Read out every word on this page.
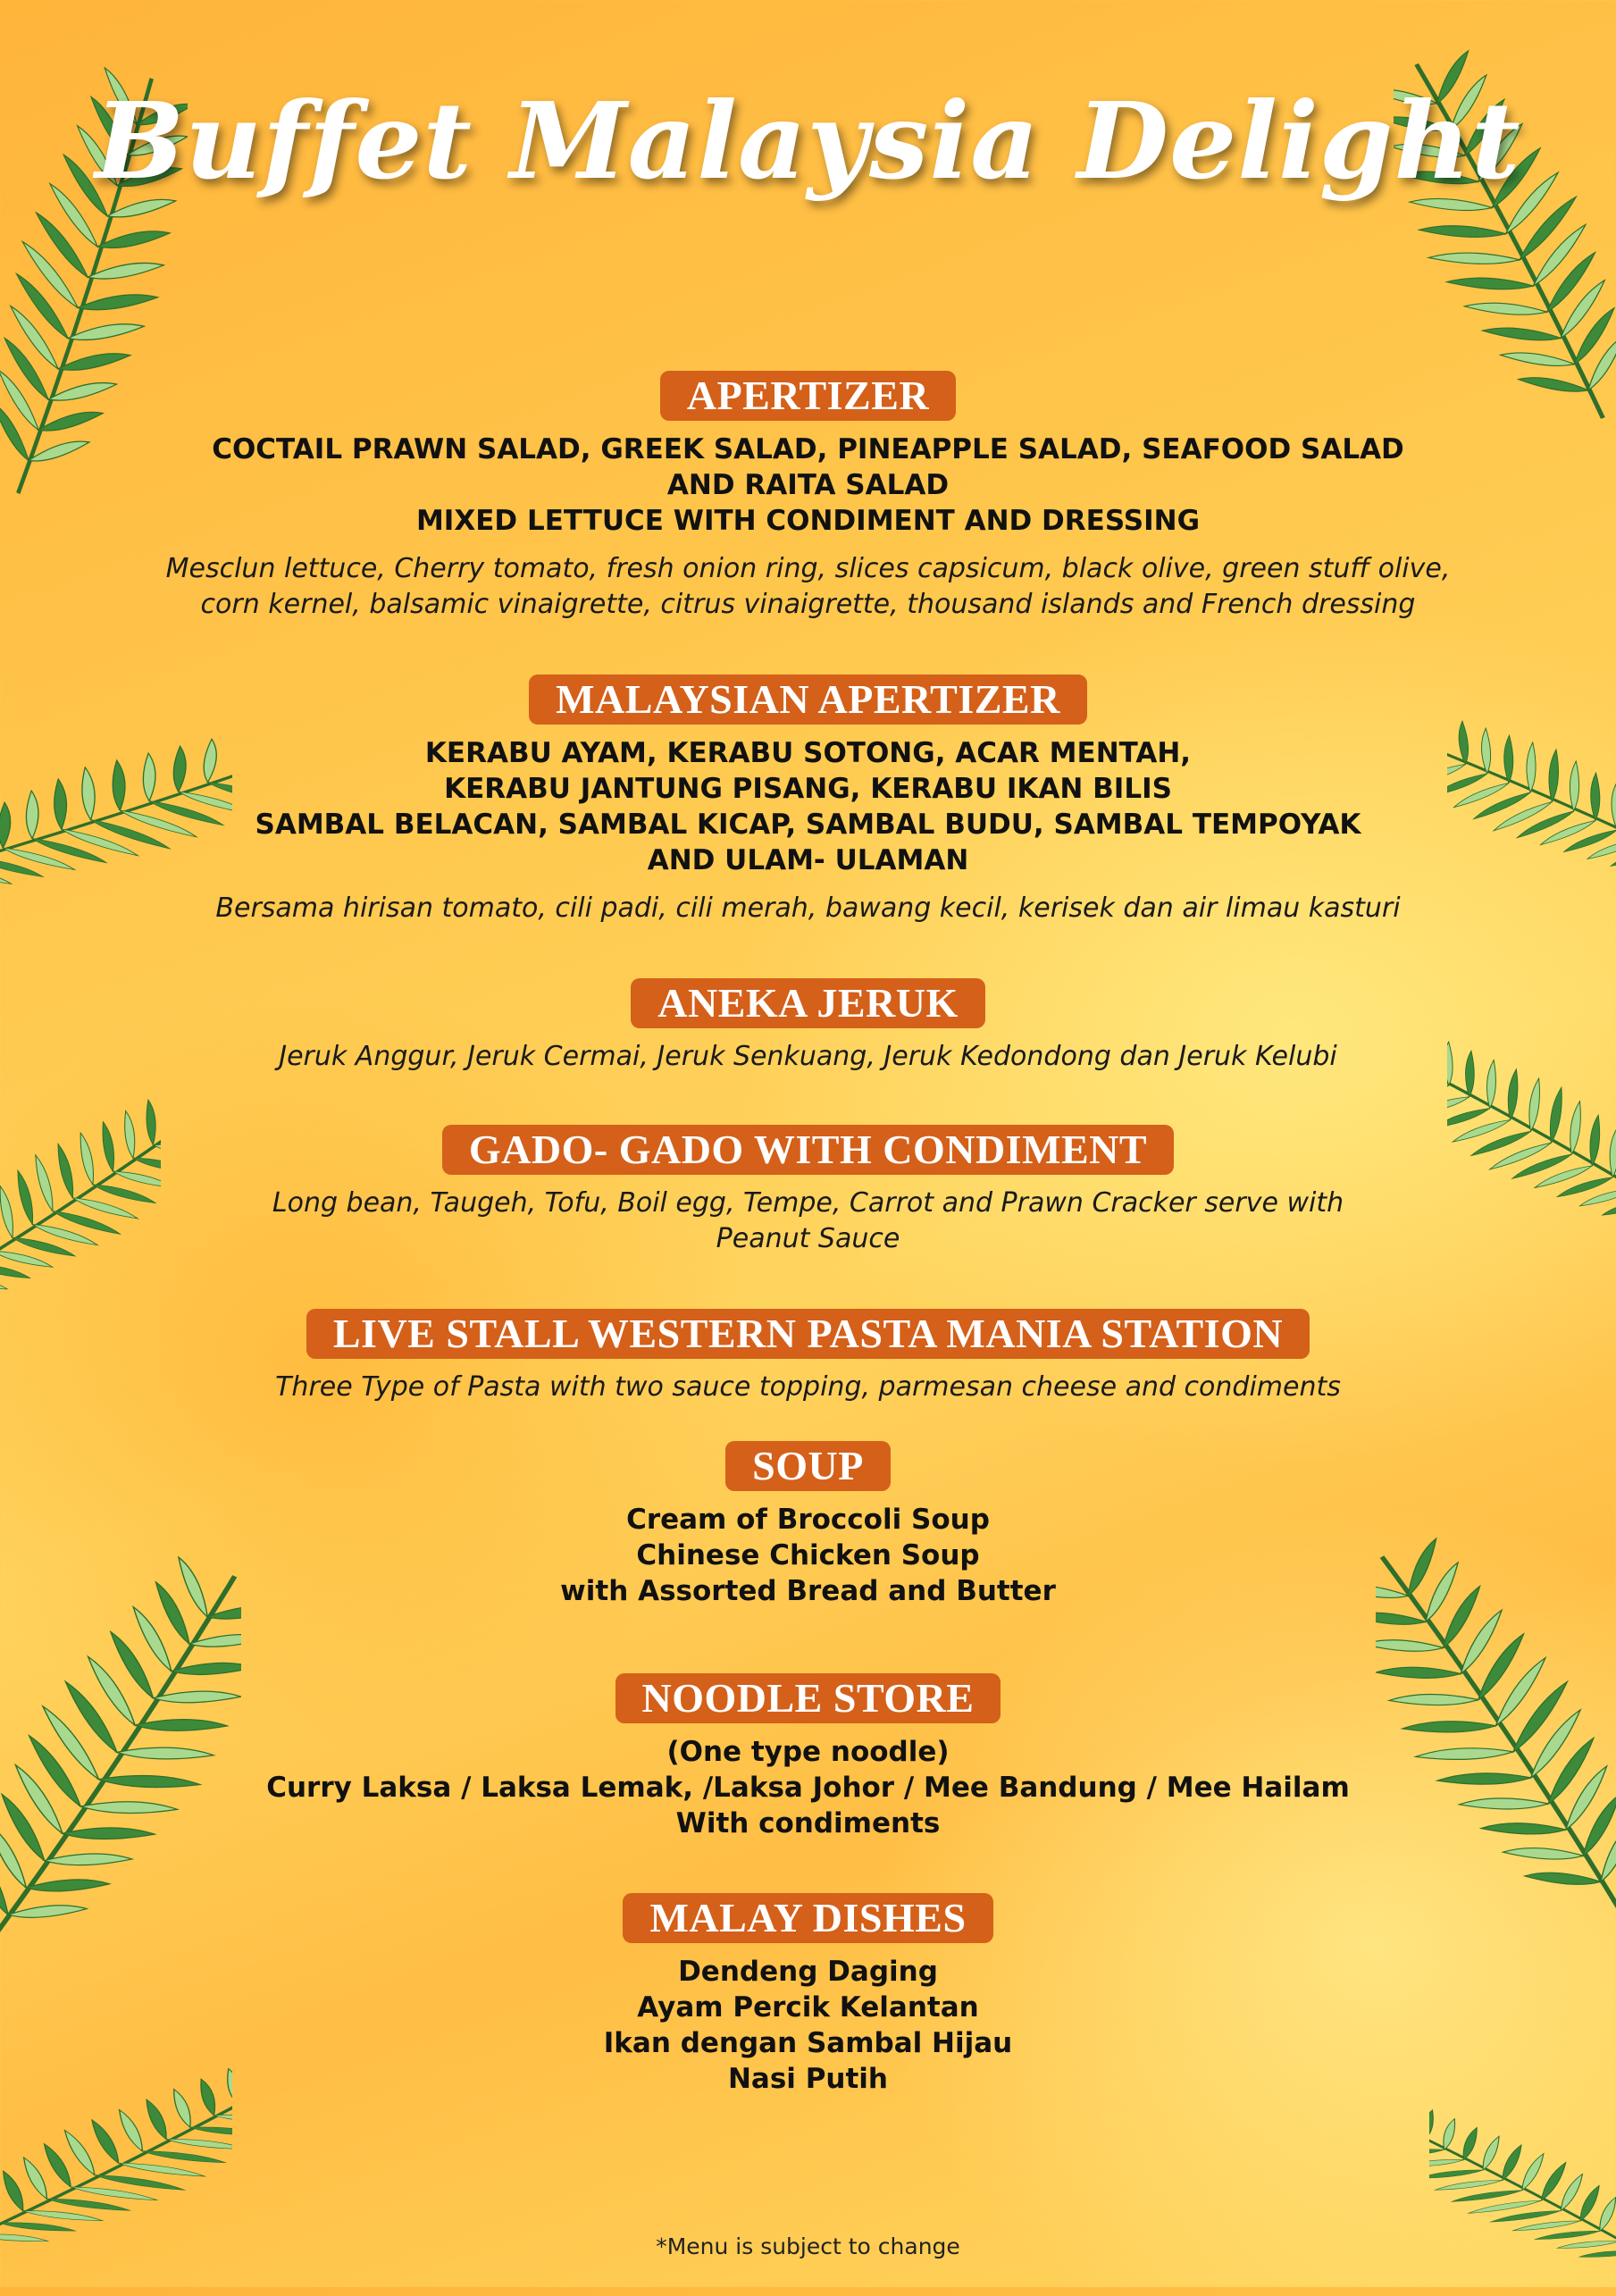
Buffet Malaysia Delight
APERTIZER
COCTAIL PRAWN SALAD, GREEK SALAD, PINEAPPLE SALAD, SEAFOOD SALAD
AND RAITA SALAD
MIXED LETTUCE WITH CONDIMENT AND DRESSING
Mesclun lettuce, Cherry tomato, fresh onion ring, slices capsicum, black olive, green stuff olive,
corn kernel, balsamic vinaigrette, citrus vinaigrette, thousand islands and French dressing
MALAYSIAN APERTIZER
KERABU AYAM, KERABU SOTONG, ACAR MENTAH,
KERABU JANTUNG PISANG, KERABU IKAN BILIS
SAMBAL BELACAN, SAMBAL KICAP, SAMBAL BUDU, SAMBAL TEMPOYAK
AND ULAM- ULAMAN
Bersama hirisan tomato, cili padi, cili merah, bawang kecil, kerisek dan air limau kasturi
ANEKA JERUK
Jeruk Anggur, Jeruk Cermai, Jeruk Senkuang, Jeruk Kedondong dan Jeruk Kelubi
GADO- GADO WITH CONDIMENT
Long bean, Taugeh, Tofu, Boil egg, Tempe, Carrot and Prawn Cracker serve with
Peanut Sauce
LIVE STALL WESTERN PASTA MANIA STATION
Three Type of Pasta with two sauce topping, parmesan cheese and condiments
SOUP
Cream of Broccoli Soup
Chinese Chicken Soup
with Assorted Bread and Butter
NOODLE STORE
(One type noodle)
Curry Laksa / Laksa Lemak, /Laksa Johor / Mee Bandung / Mee Hailam
With condiments
MALAY DISHES
Dendeng Daging
Ayam Percik Kelantan
Ikan dengan Sambal Hijau
Nasi Putih
*Menu is subject to change
